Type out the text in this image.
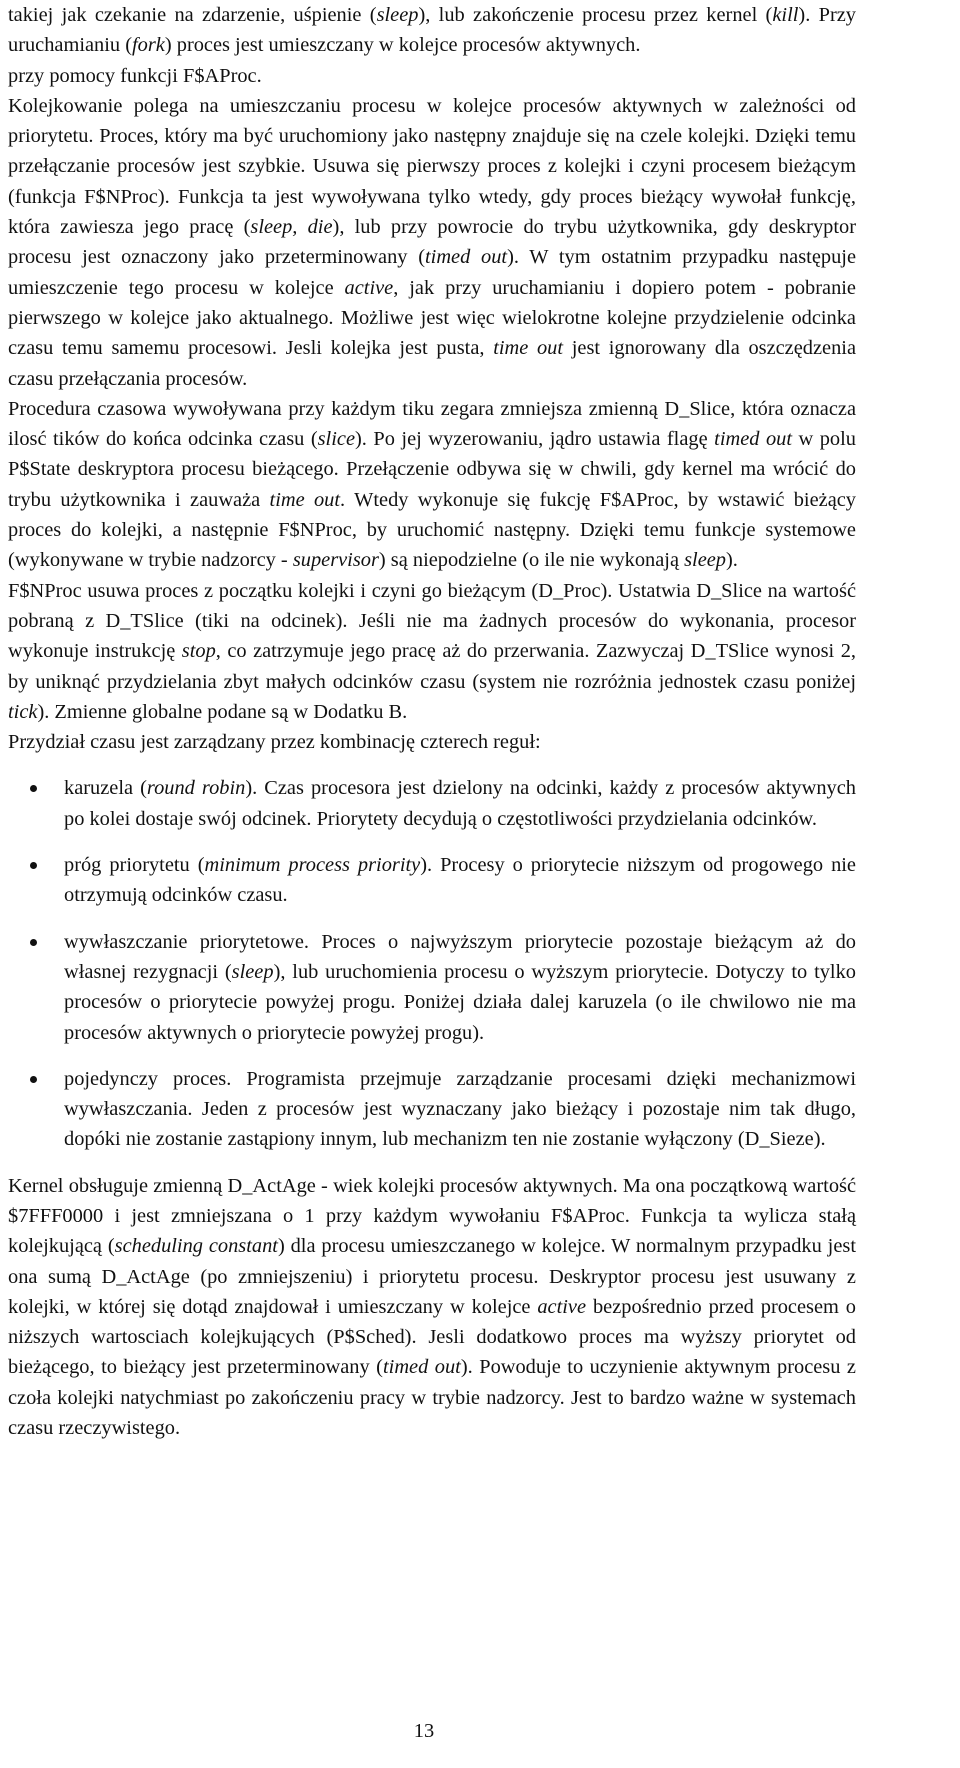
takiej jak czekanie na zdarzenie, uśpienie (sleep), lub zakończenie procesu przez kernel (kill). Przy uruchamianiu (fork) proces jest umieszczany w kolejce procesów aktywnych.

przy pomocy funkcji F$AProc.

Kolejkowanie polega na umieszczaniu procesu w kolejce procesów aktywnych w zależności od priorytetu. Proces, który ma być uruchomiony jako następny znajduje się na czele kolejki. Dzięki temu przełączanie procesów jest szybkie. Usuwa się pierwszy proces z kolejki i czyni procesem bieżącym (funkcja F$NProc). Funkcja ta jest wywoływana tylko wtedy, gdy proces bieżący wywołał funkcję, która zawiesza jego pracę (sleep, die), lub przy powrocie do trybu użytkownika, gdy deskryptor procesu jest oznaczony jako przeterminowany (timed out). W tym ostatnim przypadku następuje umieszczenie tego procesu w kolejce active, jak przy uruchamianiu i dopiero potem - pobranie pierwszego w kolejce jako aktualnego. Możliwe jest więc wielokrotne kolejne przydzielenie odcinka czasu temu samemu procesowi. Jesli kolejka jest pusta, time out jest ignorowany dla oszczędzenia czasu przełączania procesów.

Procedura czasowa wywoływana przy każdym tiku zegara zmniejsza zmienną D_Slice, która oznacza ilosć tików do końca odcinka czasu (slice). Po jej wyzerowaniu, jądro ustawia flagę timed out w polu P$State deskryptora procesu bieżącego. Przełączenie odbywa się w chwili, gdy kernel ma wrócić do trybu użytkownika i zauważa time out. Wtedy wykonuje się fukcję F$AProc, by wstawić bieżący proces do kolejki, a następnie F$NProc, by uruchomić następny. Dzięki temu funkcje systemowe (wykonywane w trybie nadzorcy - supervisor) są niepodzielne (o ile nie wykonają sleep).

F$NProc usuwa proces z początku kolejki i czyni go bieżącym (D_Proc). Ustatwia D_Slice na wartość pobraną z D_TSlice (tiki na odcinek). Jeśli nie ma żadnych procesów do wykonania, procesor wykonuje instrukcję stop, co zatrzymuje jego pracę aż do przerwania. Zazwyczaj D_TSlice wynosi 2, by uniknąć przydzielania zbyt małych odcinków czasu (system nie rozróżnia jednostek czasu poniżej tick). Zmienne globalne podane są w Dodatku B.

Przydział czasu jest zarządzany przez kombinację czterech reguł:

karuzela (round robin). Czas procesora jest dzielony na odcinki, każdy z procesów aktywnych po kolei dostaje swój odcinek. Priorytety decydują o częstotliwości przydzielania odcinków.
próg priorytetu (minimum process priority). Procesy o priorytecie niższym od progowego nie otrzymują odcinków czasu.
wywłaszczanie priorytetowe. Proces o najwyższym priorytecie pozostaje bieżącym aż do własnej rezygnacji (sleep), lub uruchomienia procesu o wyższym priorytecie. Dotyczy to tylko procesów o priorytecie powyżej progu. Poniżej działa dalej karuzela (o ile chwilowo nie ma procesów aktywnych o priorytecie powyżej progu).
pojedynczy proces. Programista przejmuje zarządzanie procesami dzięki mechanizmowi wywłaszczania. Jeden z procesów jest wyznaczany jako bieżący i pozostaje nim tak długo, dopóki nie zostanie zastąpiony innym, lub mechanizm ten nie zostanie wyłączony (D_Sieze).

Kernel obsługuje zmienną D_ActAge - wiek kolejki procesów aktywnych. Ma ona początkową wartość $7FFF0000 i jest zmniejszana o 1 przy każdym wywołaniu F$AProc. Funkcja ta wylicza stałą kolejkującą (scheduling constant) dla procesu umieszczanego w kolejce. W normalnym przypadku jest ona sumą D_ActAge (po zmniejszeniu) i priorytetu procesu. Deskryptor procesu jest usuwany z kolejki, w której się dotąd znajdował i umieszczany w kolejce active bezpośrednio przed procesem o niższych wartosciach kolejkujących (P$Sched). Jesli dodatkowo proces ma wyższy priorytet od bieżącego, to bieżący jest przeterminowany (timed out). Powoduje to uczynienie aktywnym procesu z czoła kolejki natychmiast po zakończeniu pracy w trybie nadzorcy. Jest to bardzo ważne w systemach czasu rzeczywistego.

13
